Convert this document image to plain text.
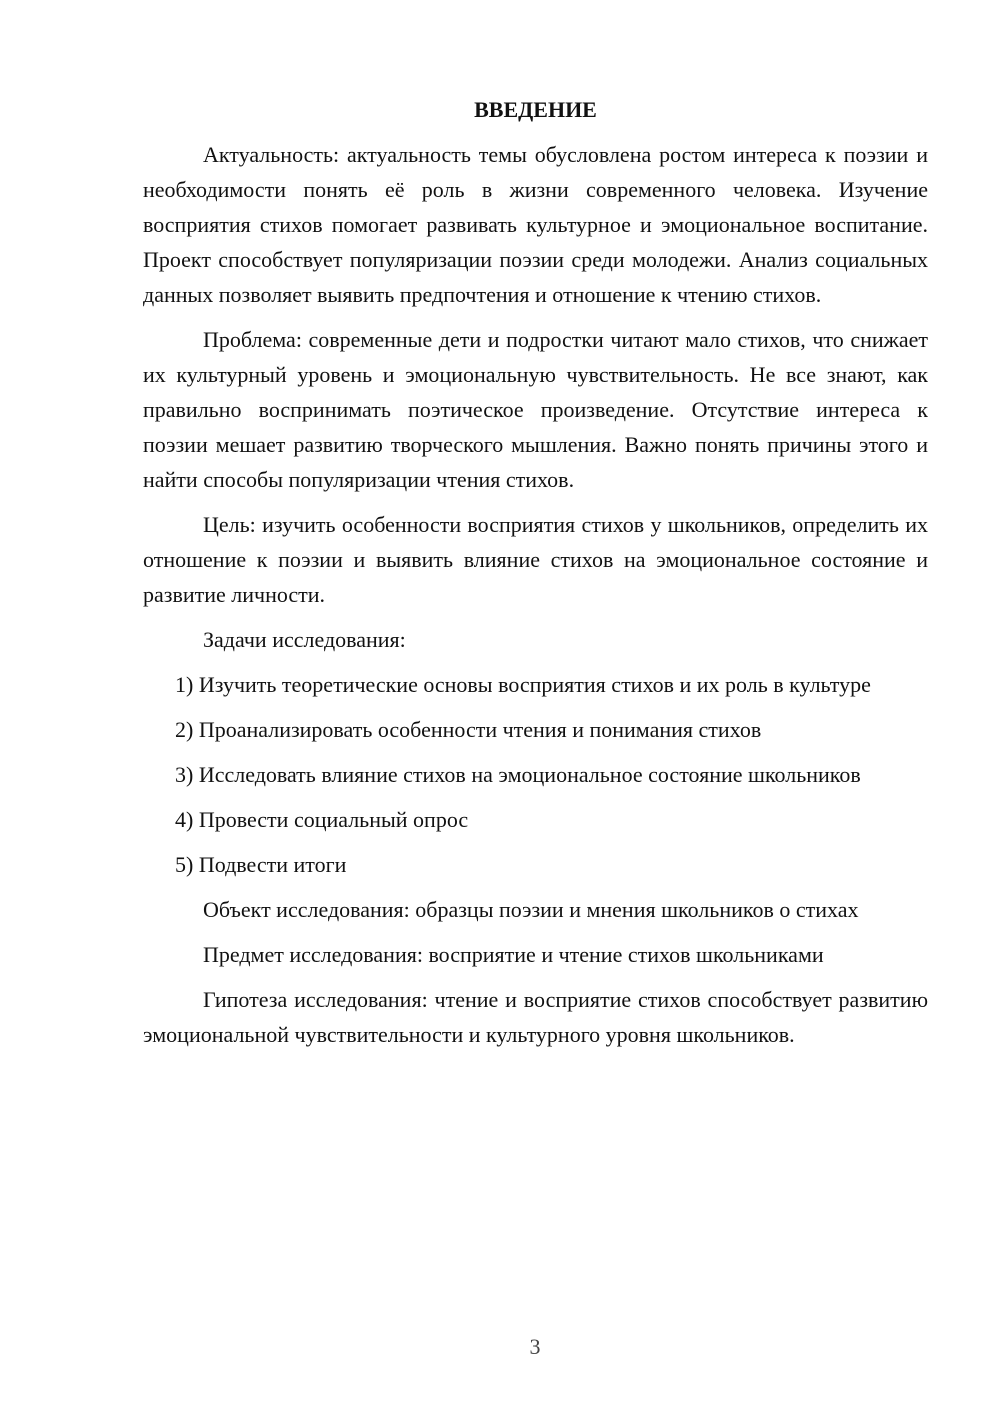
ВВЕДЕНИЕ

Актуальность: актуальность темы обусловлена ростом интереса к поэзии и необходимости понять её роль в жизни современного человека. Изучение восприятия стихов помогает развивать культурное и эмоциональное воспитание. Проект способствует популяризации поэзии среди молодежи. Анализ социальных данных позволяет выявить предпочтения и отношение к чтению стихов.

Проблема: современные дети и подростки читают мало стихов, что снижает их культурный уровень и эмоциональную чувствительность. Не все знают, как правильно воспринимать поэтическое произведение. Отсутствие интереса к поэзии мешает развитию творческого мышления. Важно понять причины этого и найти способы популяризации чтения стихов.

Цель: изучить особенности восприятия стихов у школьников, определить их отношение к поэзии и выявить влияние стихов на эмоциональное состояние и развитие личности.

Задачи исследования:

1) Изучить теоретические основы восприятия стихов и их роль в культуре

2) Проанализировать особенности чтения и понимания стихов

3) Исследовать влияние стихов на эмоциональное состояние школьников

4) Провести социальный опрос

5) Подвести итоги

Объект исследования: образцы поэзии и мнения школьников о стихах

Предмет исследования: восприятие и чтение стихов школьниками

Гипотеза исследования: чтение и восприятие стихов способствует развитию эмоциональной чувствительности и культурного уровня школьников.

3
